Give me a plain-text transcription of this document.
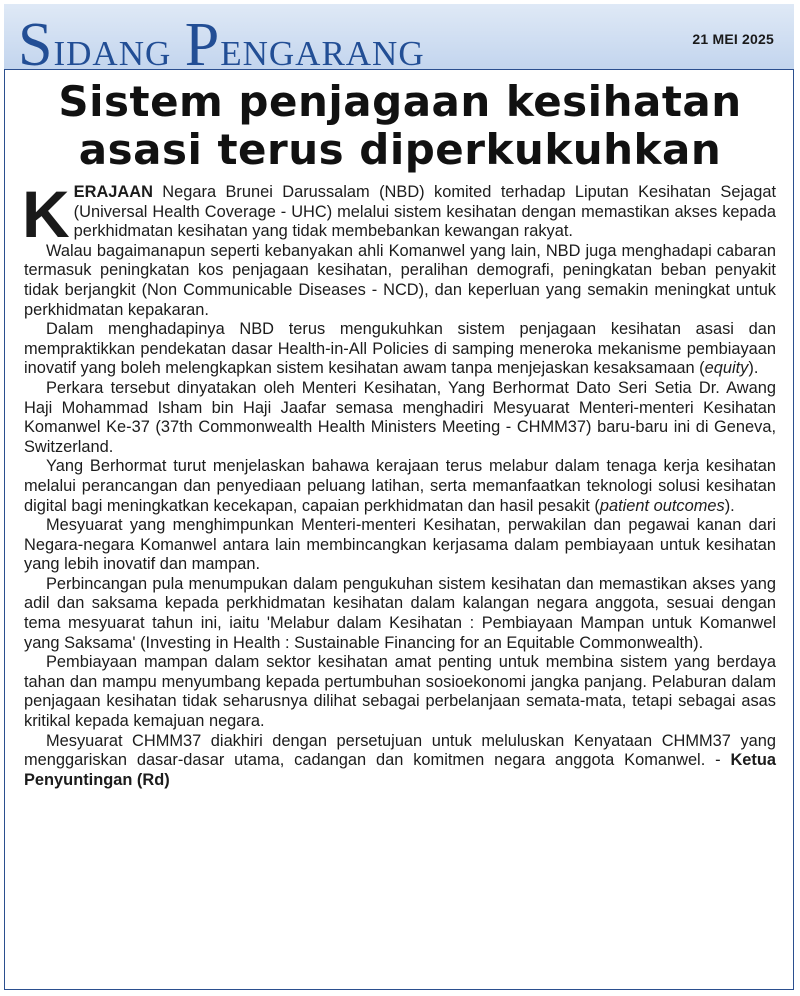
Sidang Pengarang	21 MEI 2025
Sistem penjagaan kesihatan
asasi terus diperkukuhkan

KERAJAAN Negara Brunei Darussalam (NBD) komited terhadap Liputan Kesihatan Sejagat (Universal Health Coverage - UHC) melalui sistem kesihatan dengan memastikan akses kepada perkhidmatan kesihatan yang tidak membebankan kewangan rakyat.

Walau bagaimanapun seperti kebanyakan ahli Komanwel yang lain, NBD juga menghadapi cabaran termasuk peningkatan kos penjagaan kesihatan, peralihan demografi, peningkatan beban penyakit tidak berjangkit (Non Communicable Diseases - NCD), dan keperluan yang semakin meningkat untuk perkhidmatan kepakaran.

Dalam menghadapinya NBD terus mengukuhkan sistem penjagaan kesihatan asasi dan mempraktikkan pendekatan dasar Health-in-All Policies di samping meneroka mekanisme pembiayaan inovatif yang boleh melengkapkan sistem kesihatan awam tanpa menjejaskan kesaksamaan (equity).

Perkara tersebut dinyatakan oleh Menteri Kesihatan, Yang Berhormat Dato Seri Setia Dr. Awang Haji Mohammad Isham bin Haji Jaafar semasa menghadiri Mesyuarat Menteri-menteri Kesihatan Komanwel Ke-37 (37th Commonwealth Health Ministers Meeting - CHMM37) baru-baru ini di Geneva, Switzerland.

Yang Berhormat turut menjelaskan bahawa kerajaan terus melabur dalam tenaga kerja kesihatan melalui perancangan dan penyediaan peluang latihan, serta memanfaatkan teknologi solusi kesihatan digital bagi meningkatkan kecekapan, capaian perkhidmatan dan hasil pesakit (patient outcomes).

Mesyuarat yang menghimpunkan Menteri-menteri Kesihatan, perwakilan dan pegawai kanan dari Negara-negara Komanwel antara lain membincangkan kerjasama dalam pembiayaan untuk kesihatan yang lebih inovatif dan mampan.

Perbincangan pula menumpukan dalam pengukuhan sistem kesihatan dan memastikan akses yang adil dan saksama kepada perkhidmatan kesihatan dalam kalangan negara anggota, sesuai dengan tema mesyuarat tahun ini, iaitu 'Melabur dalam Kesihatan : Pembiayaan Mampan untuk Komanwel yang Saksama' (Investing in Health : Sustainable Financing for an Equitable Commonwealth).

Pembiayaan mampan dalam sektor kesihatan amat penting untuk membina sistem yang berdaya tahan dan mampu menyumbang kepada pertumbuhan sosioekonomi jangka panjang. Pelaburan dalam penjagaan kesihatan tidak seharusnya dilihat sebagai perbelanjaan semata-mata, tetapi sebagai asas kritikal kepada kemajuan negara.

Mesyuarat CHMM37 diakhiri dengan persetujuan untuk meluluskan Kenyataan CHMM37 yang menggariskan dasar-dasar utama, cadangan dan komitmen negara anggota Komanwel. - Ketua Penyuntingan (Rd)
